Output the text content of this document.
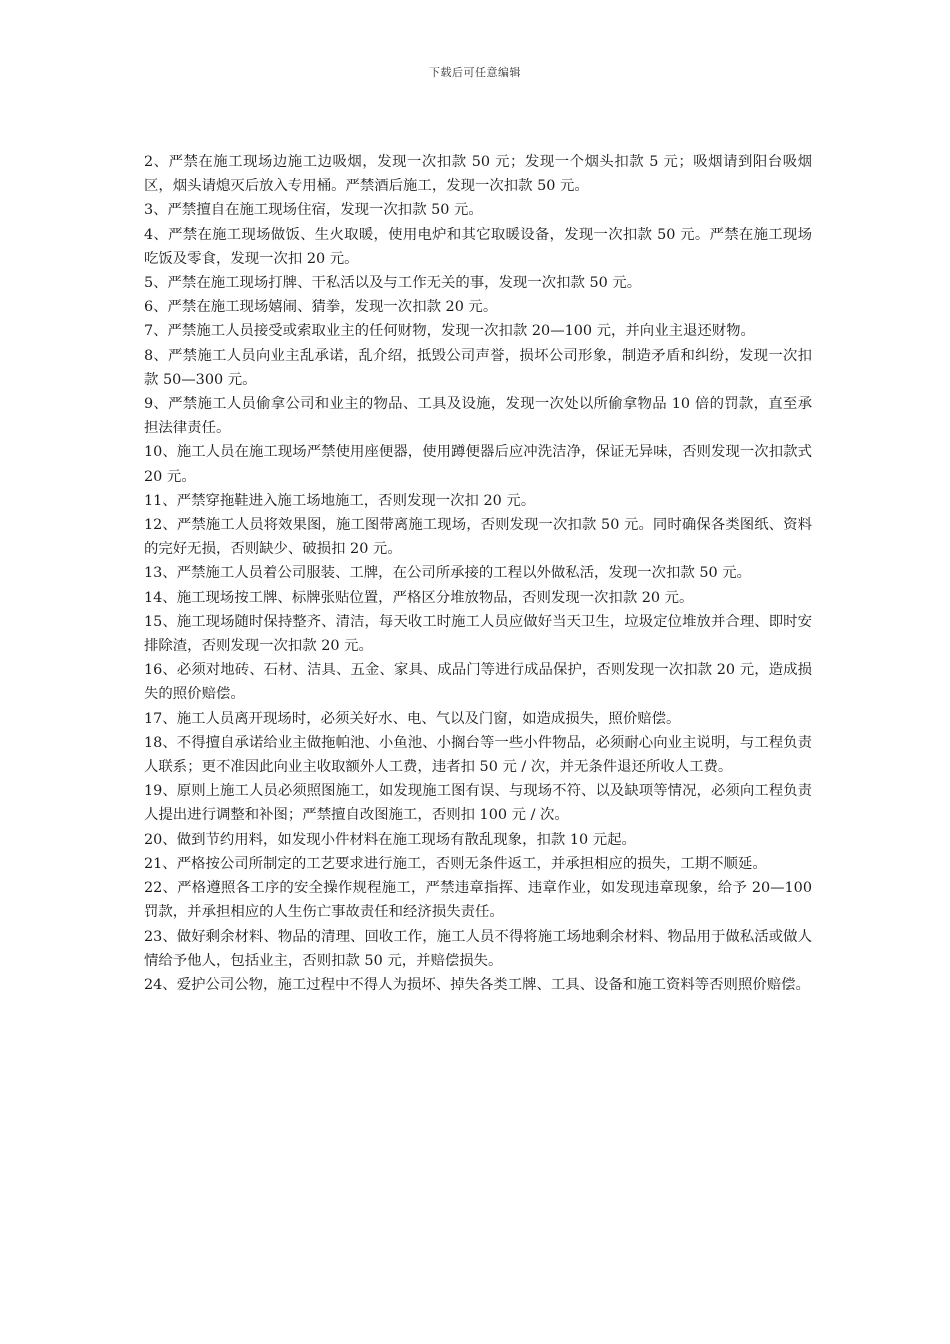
下载后可任意编辑

2、严禁在施工现场边施工边吸烟，发现一次扣款 50 元；发现一个烟头扣款 5 元；吸烟请到阳台吸烟区，烟头请熄灭后放入专用桶。严禁酒后施工，发现一次扣款 50 元。

3、严禁擅自在施工现场住宿，发现一次扣款 50 元。

4、严禁在施工现场做饭、生火取暖，使用电炉和其它取暖设备，发现一次扣款 50 元。严禁在施工现场吃饭及零食，发现一次扣 20 元。

5、严禁在施工现场打牌、干私活以及与工作无关的事，发现一次扣款 50 元。

6、严禁在施工现场嬉闹、猜拳，发现一次扣款 20 元。

7、严禁施工人员接受或索取业主的任何财物，发现一次扣款 20—100 元，并向业主退还财物。

8、严禁施工人员向业主乱承诺，乱介绍，抵毁公司声誉，损坏公司形象，制造矛盾和纠纷，发现一次扣款 50—300 元。

9、严禁施工人员偷拿公司和业主的物品、工具及设施，发现一次处以所偷拿物品 10 倍的罚款，直至承担法律责任。

10、施工人员在施工现场严禁使用座便器，使用蹲便器后应冲洗洁净，保证无异味，否则发现一次扣款式 20 元。

11、严禁穿拖鞋进入施工场地施工，否则发现一次扣 20 元。

12、严禁施工人员将效果图，施工图带离施工现场，否则发现一次扣款 50 元。同时确保各类图纸、资料的完好无损，否则缺少、破损扣 20 元。

13、严禁施工人员着公司服装、工牌，在公司所承接的工程以外做私活，发现一次扣款 50 元。

14、施工现场按工牌、标牌张贴位置，严格区分堆放物品，否则发现一次扣款 20 元。

15、施工现场随时保持整齐、清洁，每天收工时施工人员应做好当天卫生，垃圾定位堆放并合理、即时安排除渣，否则发现一次扣款 20 元。

16、必须对地砖、石材、洁具、五金、家具、成品门等进行成品保护，否则发现一次扣款 20 元，造成损失的照价赔偿。

17、施工人员离开现场时，必须关好水、电、气以及门窗，如造成损失，照价赔偿。

18、不得擅自承诺给业主做拖帕池、小鱼池、小搁台等一些小件物品，必须耐心向业主说明，与工程负责人联系；更不准因此向业主收取额外人工费，违者扣 50 元 / 次，并无条件退还所收人工费。

19、原则上施工人员必须照图施工，如发现施工图有误、与现场不符、以及缺项等情况，必须向工程负责人提出进行调整和补图；严禁擅自改图施工，否则扣 100 元 / 次。

20、做到节约用料，如发现小件材料在施工现场有散乱现象，扣款 10 元起。

21、严格按公司所制定的工艺要求进行施工，否则无条件返工，并承担相应的损失，工期不顺延。

22、严格遵照各工序的安全操作规程施工，严禁违章指挥、违章作业，如发现违章现象，给予 20—100 罚款，并承担相应的人生伤亡事故责任和经济损失责任。

23、做好剩余材料、物品的清理、回收工作，施工人员不得将施工场地剩余材料、物品用于做私活或做人情给予他人，包括业主，否则扣款 50 元，并赔偿损失。

24、爱护公司公物，施工过程中不得人为损坏、掉失各类工牌、工具、设备和施工资料等否则照价赔偿。
